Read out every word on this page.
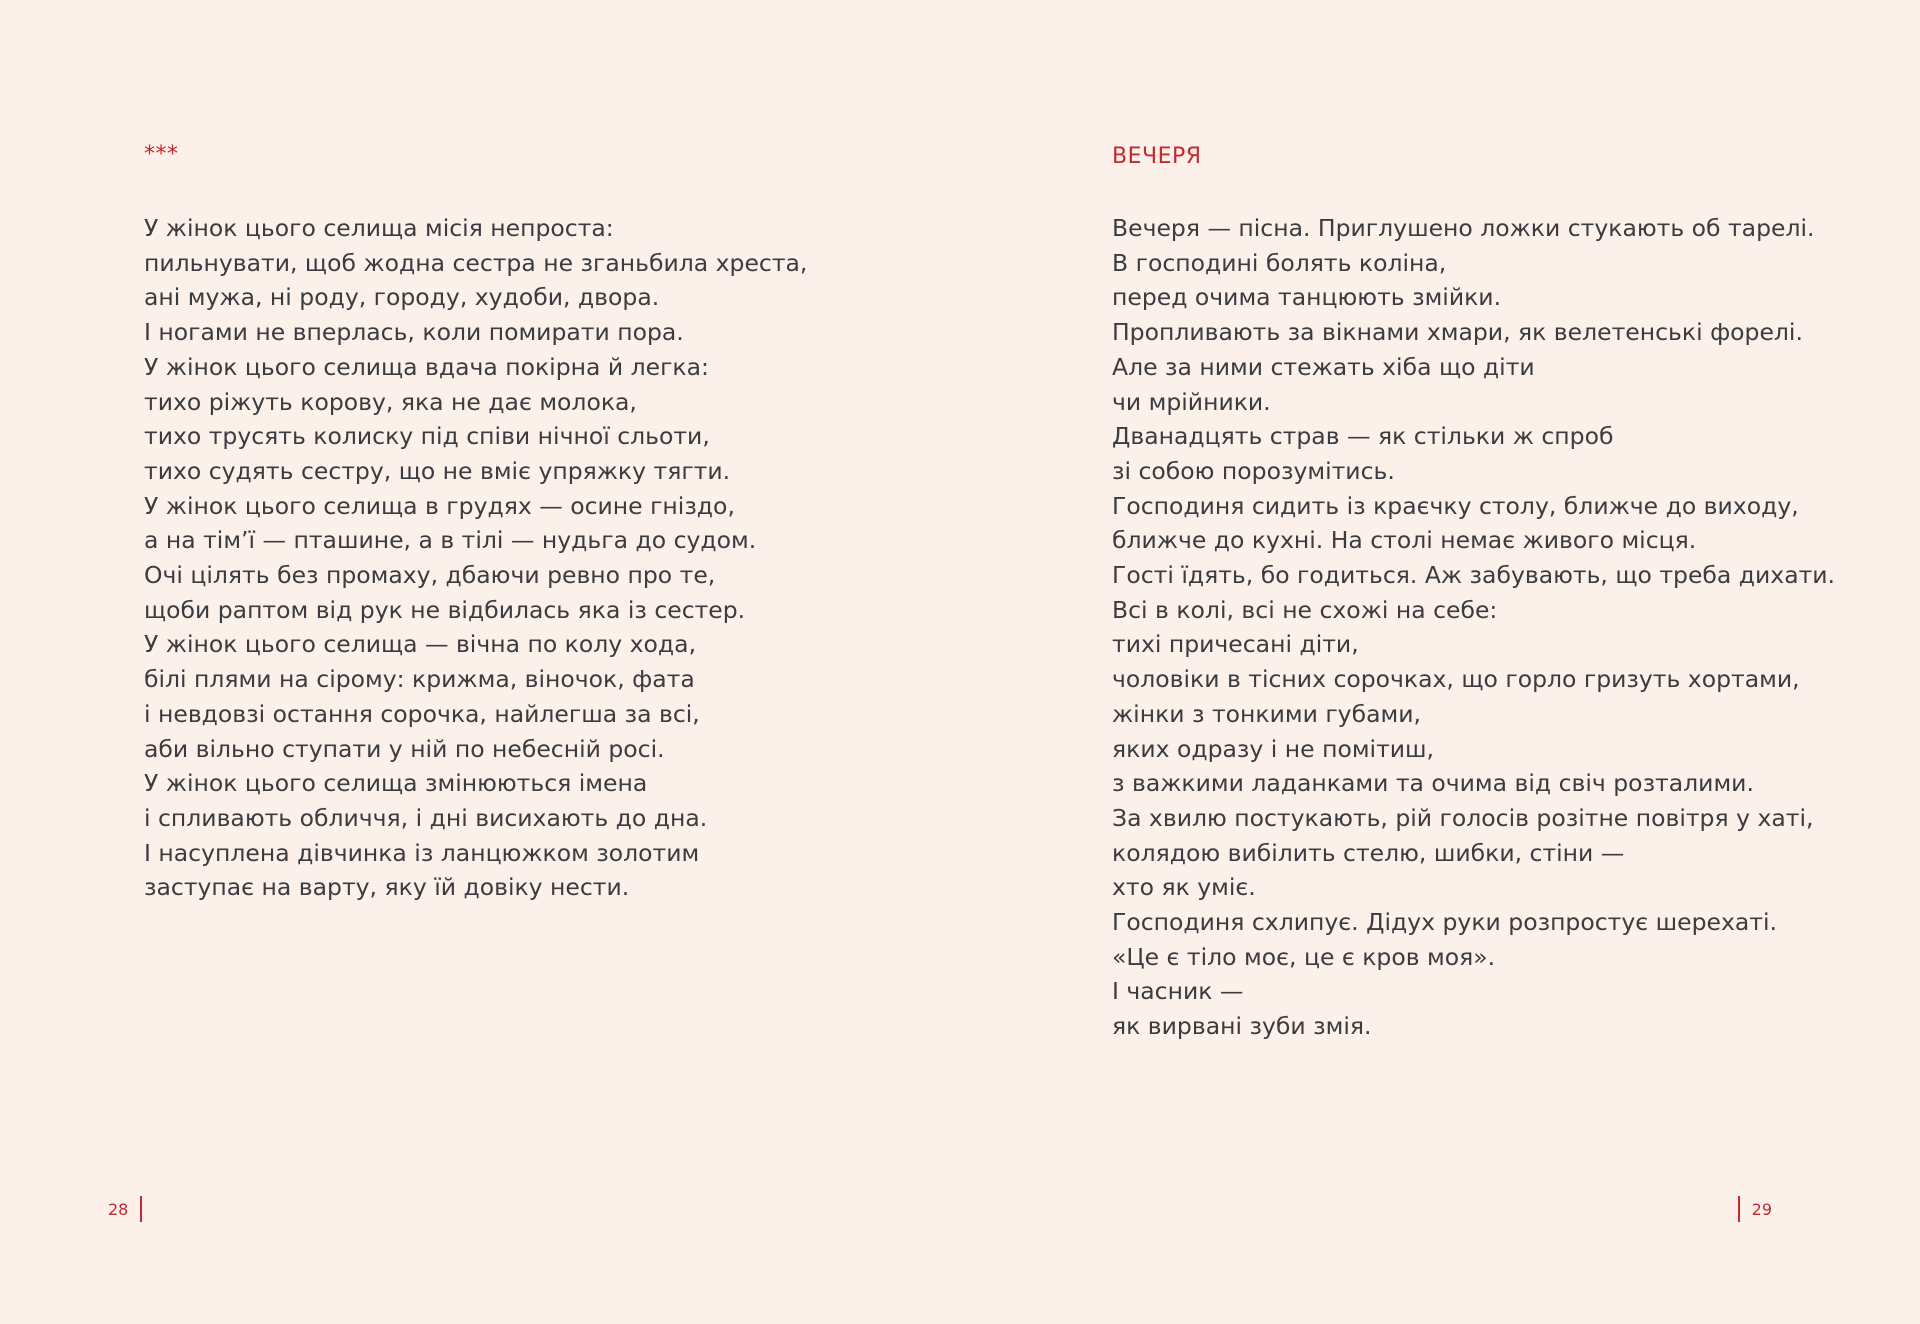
***
У жінок цього селища місія непроста:
пильнувати, щоб жодна сестра не зганьбила хреста,
ані мужа, ні роду, городу, худоби, двора.
І ногами не вперлась, коли помирати пора.
У жінок цього селища вдача покірна й легка:
тихо ріжуть корову, яка не дає молока,
тихо трусять колиску під співи нічної сльоти,
тихо судять сестру, що не вміє упряжку тягти.
У жінок цього селища в грудях — осине гніздо,
а на тім’ї — пташине, а в тілі — нудьга до судом.
Очі цілять без промаху, дбаючи ревно про те,
щоби раптом від рук не відбилась яка із сестер.
У жінок цього селища — вічна по колу хода,
білі плями на сірому: крижма, віночок, фата
і невдовзі остання сорочка, найлегша за всі,
аби вільно ступати у ній по небесній росі.
У жінок цього селища змінюються імена
і спливають обличчя, і дні висихають до дна.
І насуплена дівчинка із ланцюжком золотим
заступає на варту, яку їй довіку нести.
28
ВЕЧЕРЯ
Вечеря — пісна. Приглушено ложки стукають об тарелі.
В господині болять коліна,
перед очима танцюють змійки.
Пропливають за вікнами хмари, як велетенські форелі.
Але за ними стежать хіба що діти
чи мрійники.
Дванадцять страв — як стільки ж спроб
зі собою порозумітись.
Господиня сидить із краєчку столу, ближче до виходу,
ближче до кухні. На столі немає живого місця.
Гості їдять, бо годиться. Аж забувають, що треба дихати.
Всі в колі, всі не схожі на себе:
тихі причесані діти,
чоловіки в тісних сорочках, що горло гризуть хортами,
жінки з тонкими губами,
яких одразу і не помітиш,
з важкими ладанками та очима від свіч розталими.
За хвилю постукають, рій голосів розітне повітря у хаті,
колядою вибілить стелю, шибки, стіни —
хто як уміє.
Господиня схлипує. Дідух руки розпростує шерехаті.
«Це є тіло моє, це є кров моя».
І часник —
як вирвані зуби змія.
29
